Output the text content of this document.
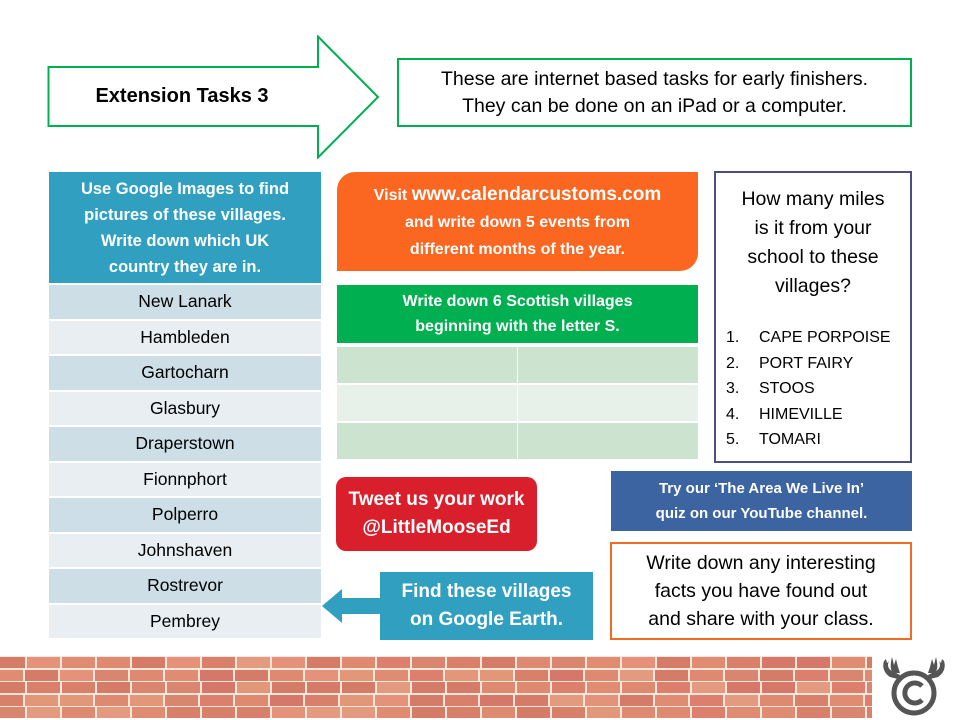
Extension Tasks 3
These are internet based tasks for early finishers.
They can be done on an iPad or a computer.
Use Google Images to find
pictures of these villages.
Write down which UK
country they are in.
New Lanark
Hambleden
Gartocharn
Glasbury
Draperstown
Fionnphort
Polperro
Johnshaven
Rostrevor
Pembrey
Visit www.calendarcustoms.com
and write down 5 events from
different months of the year.
Write down 6 Scottish villages
beginning with the letter S.
How many miles
is it from your
school to these
villages?
1.	CAPE PORPOISE
2.	PORT FAIRY
3.	STOOS
4.	HIMEVILLE
5.	TOMARI
Tweet us your work
@LittleMooseEd
Try our ‘The Area We Live In’
quiz on our YouTube channel.
Write down any interesting
facts you have found out
and share with your class.
Find these villages
on Google Earth.
